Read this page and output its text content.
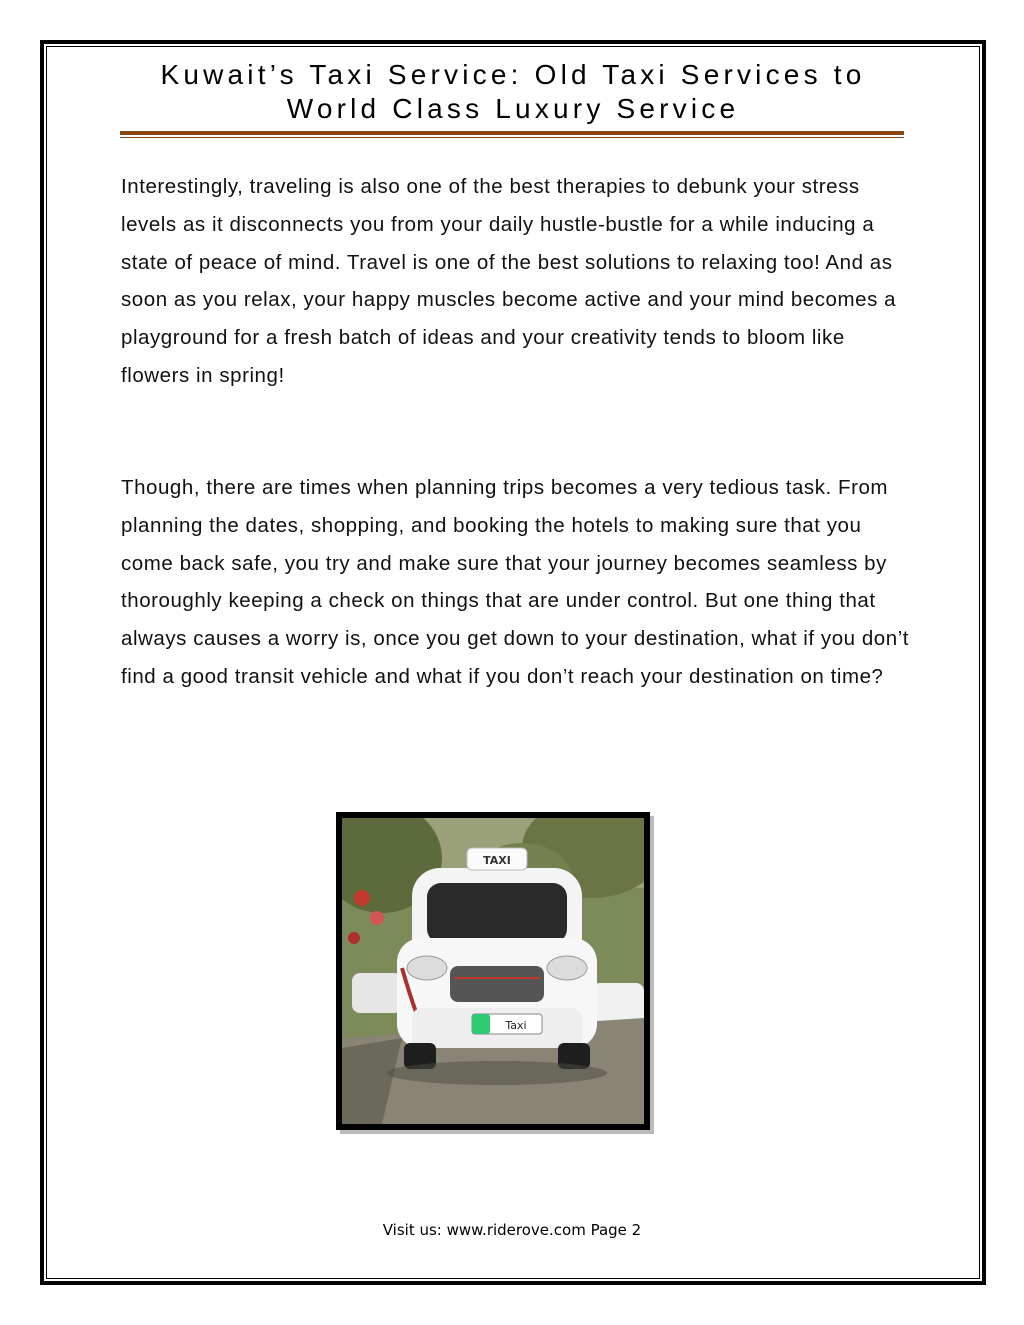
Kuwait’s Taxi Service: Old Taxi Services to
World Class Luxury Service

Interestingly, traveling is also one of the best therapies to debunk your stress levels as it disconnects you from your daily hustle-bustle for a while inducing a state of peace of mind. Travel is one of the best solutions to relaxing too! And as soon as you relax, your happy muscles become active and your mind becomes a playground for a fresh batch of ideas and your creativity tends to bloom like flowers in spring!

Though, there are times when planning trips becomes a very tedious task. From planning the dates, shopping, and booking the hotels to making sure that you come back safe, you try and make sure that your journey becomes seamless by thoroughly keeping a check on things that are under control. But one thing that always causes a worry is, once you get down to your destination, what if you don’t find a good transit vehicle and what if you don’t reach your destination on time?

TAXI
Taxi
Visit us: www.riderove.com Page 2
